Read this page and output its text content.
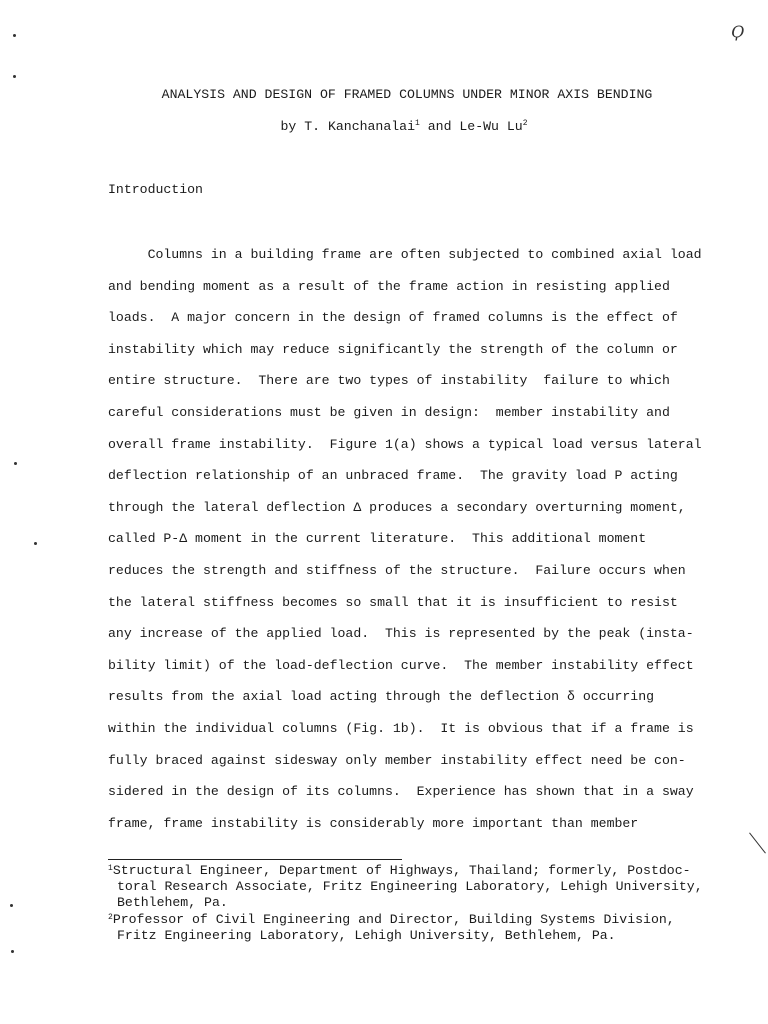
ANALYSIS AND DESIGN OF FRAMED COLUMNS UNDER MINOR AXIS BENDING
by T. Kanchanalai$^1$ and Le-Wu Lu$^2$
Introduction
Columns in a building frame are often subjected to combined axial load
and bending moment as a result of the frame action in resisting applied
loads.  A major concern in the design of framed columns is the effect of
instability which may reduce significantly the strength of the column or
entire structure.  There are two types of instability  failure to which
careful considerations must be given in design:  member instability and
overall frame instability.  Figure 1(a) shows a typical load versus lateral
deflection relationship of an unbraced frame.  The gravity load P acting
through the lateral deflection Δ produces a secondary overturning moment,
called P-Δ moment in the current literature.  This additional moment
reduces the strength and stiffness of the structure.  Failure occurs when
the lateral stiffness becomes so small that it is insufficient to resist
any increase of the applied load.  This is represented by the peak (insta-
bility limit) of the load-deflection curve.  The member instability effect
results from the axial load acting through the deflection δ occurring
within the individual columns (Fig. 1b).  It is obvious that if a frame is
fully braced against sidesway only member instability effect need be con-
sidered in the design of its columns.  Experience has shown that in a sway
frame, frame instability is considerably more important than member
$^1$Structural Engineer, Department of Highways, Thailand; formerly, Postdoc-
toral Research Associate, Fritz Engineering Laboratory, Lehigh University,
Bethlehem, Pa.
$^2$Professor of Civil Engineering and Director, Building Systems Division,
Fritz Engineering Laboratory, Lehigh University, Bethlehem, Pa.
Ϙ
